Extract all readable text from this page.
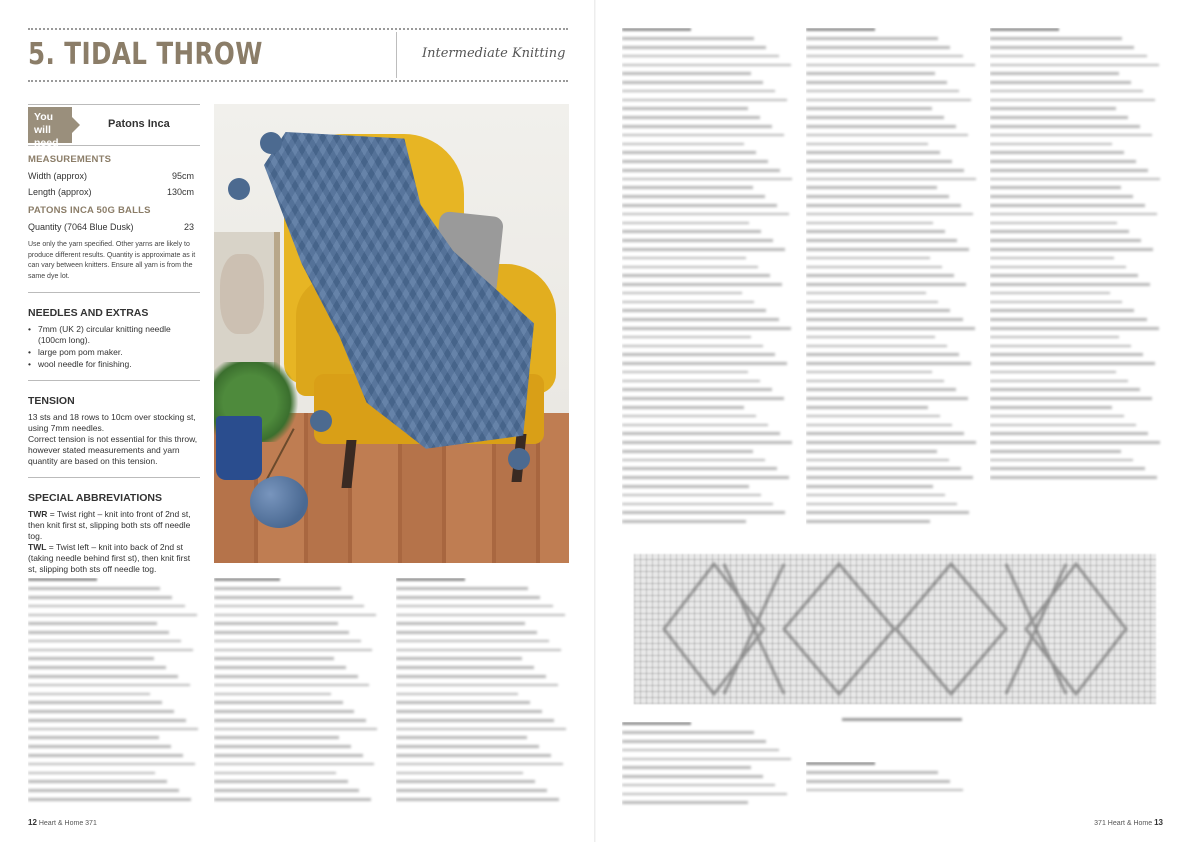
5. TIDAL THROW	Intermediate Knitting
You will need
Patons Inca
MEASUREMENTS
Width (approx)	95cm
Length (approx)	130cm
PATONS INCA 50G BALLS
Quantity (7064 Blue Dusk)	23
Use only the yarn specified. Other yarns are likely to produce different results. Quantity is approximate as it can vary between knitters. Ensure all yarn is from the same dye lot.
NEEDLES AND EXTRAS
• 7mm (UK 2) circular knitting needle (100cm long).
• large pom pom maker.
• wool needle for finishing.
TENSION
13 sts and 18 rows to 10cm over stocking st, using 7mm needles.
Correct tension is not essential for this throw, however stated measurements and yarn quantity are based on this tension.
SPECIAL ABBREVIATIONS
TWR = Twist right – knit into front of 2nd st, then knit first st, slipping both sts off needle tog.
TWL = Twist left – knit into back of 2nd st (taking needle behind first st), then knit first st, slipping both sts off needle tog.
12 Heart & Home 371	371 Heart & Home 13
